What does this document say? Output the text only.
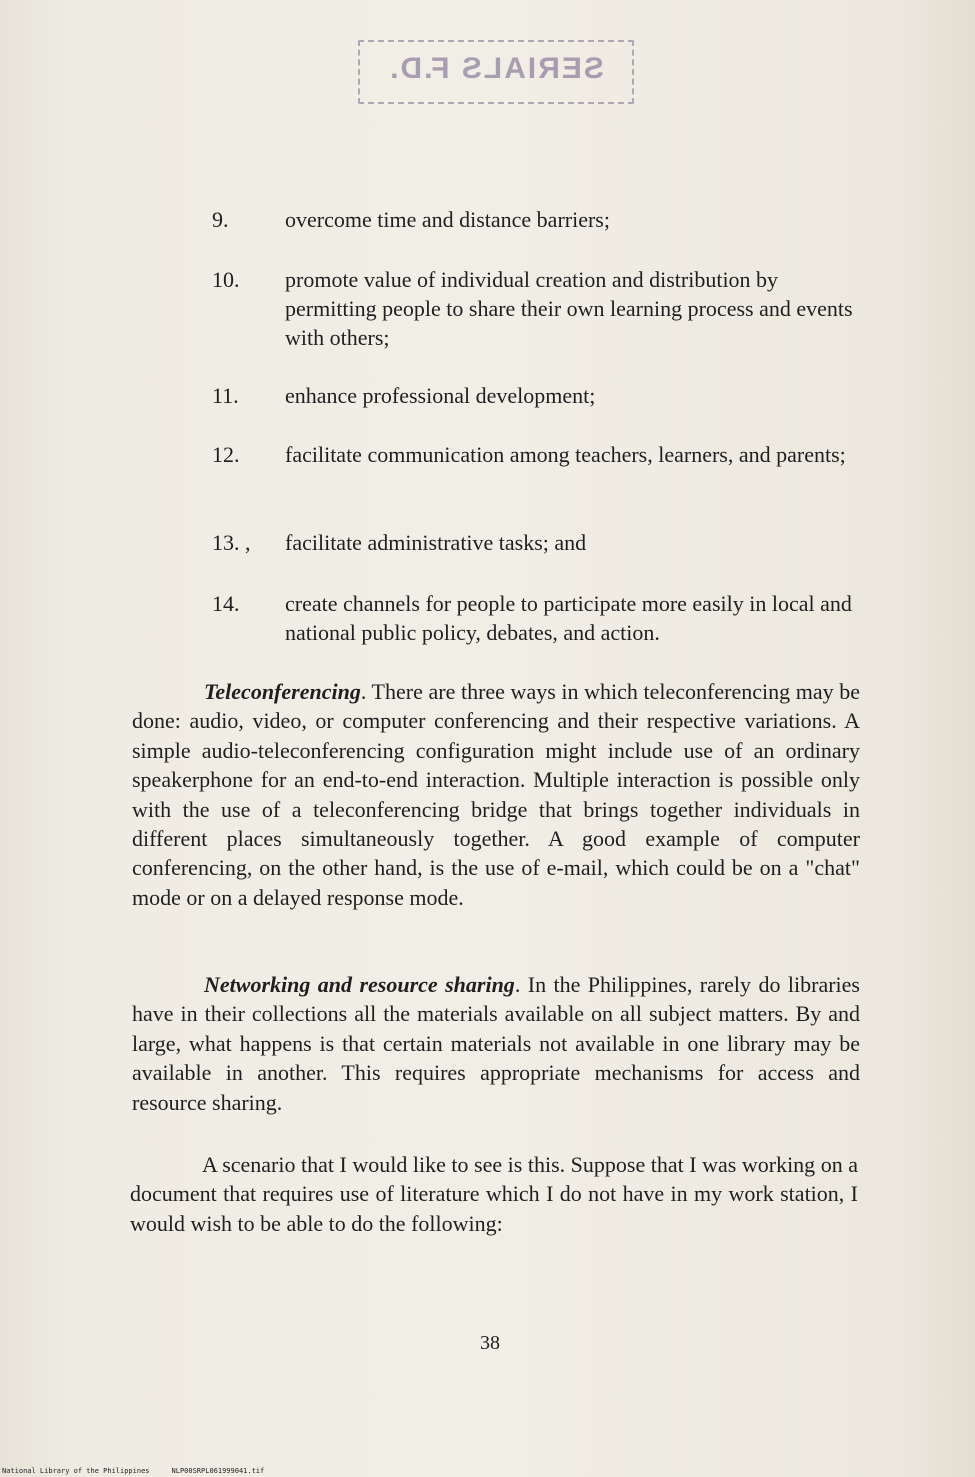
SERIALS F.D.
9.	overcome time and distance barriers;
10.	promote value of individual creation and distribution by permitting people to share their own learning process and events with others;
11.	enhance professional development;
12.	facilitate communication among teachers, learners, and parents;
13. ,	facilitate administrative tasks; and
14.	create channels for people to participate more easily in local and national public policy, debates, and action.
Teleconferencing. There are three ways in which teleconferencing may be done: audio, video, or computer conferencing and their respective variations. A simple audio-teleconferencing configuration might include use of an ordinary speakerphone for an end-to-end interaction. Multiple interaction is possible only with the use of a teleconferencing bridge that brings together individuals in different places simultaneously together. A good example of computer conferencing, on the other hand, is the use of e-mail, which could be on a "chat" mode or on a delayed response mode.
Networking and resource sharing. In the Philippines, rarely do libraries have in their collections all the materials available on all subject matters. By and large, what happens is that certain materials not available in one library may be available in another. This requires appropriate mechanisms for access and resource sharing.
A scenario that I would like to see is this. Suppose that I was working on a document that requires use of literature which I do not have in my work station, I would wish to be able to do the following:
38
National Library of the Philippines	NLP00SRPL061999041.tif
